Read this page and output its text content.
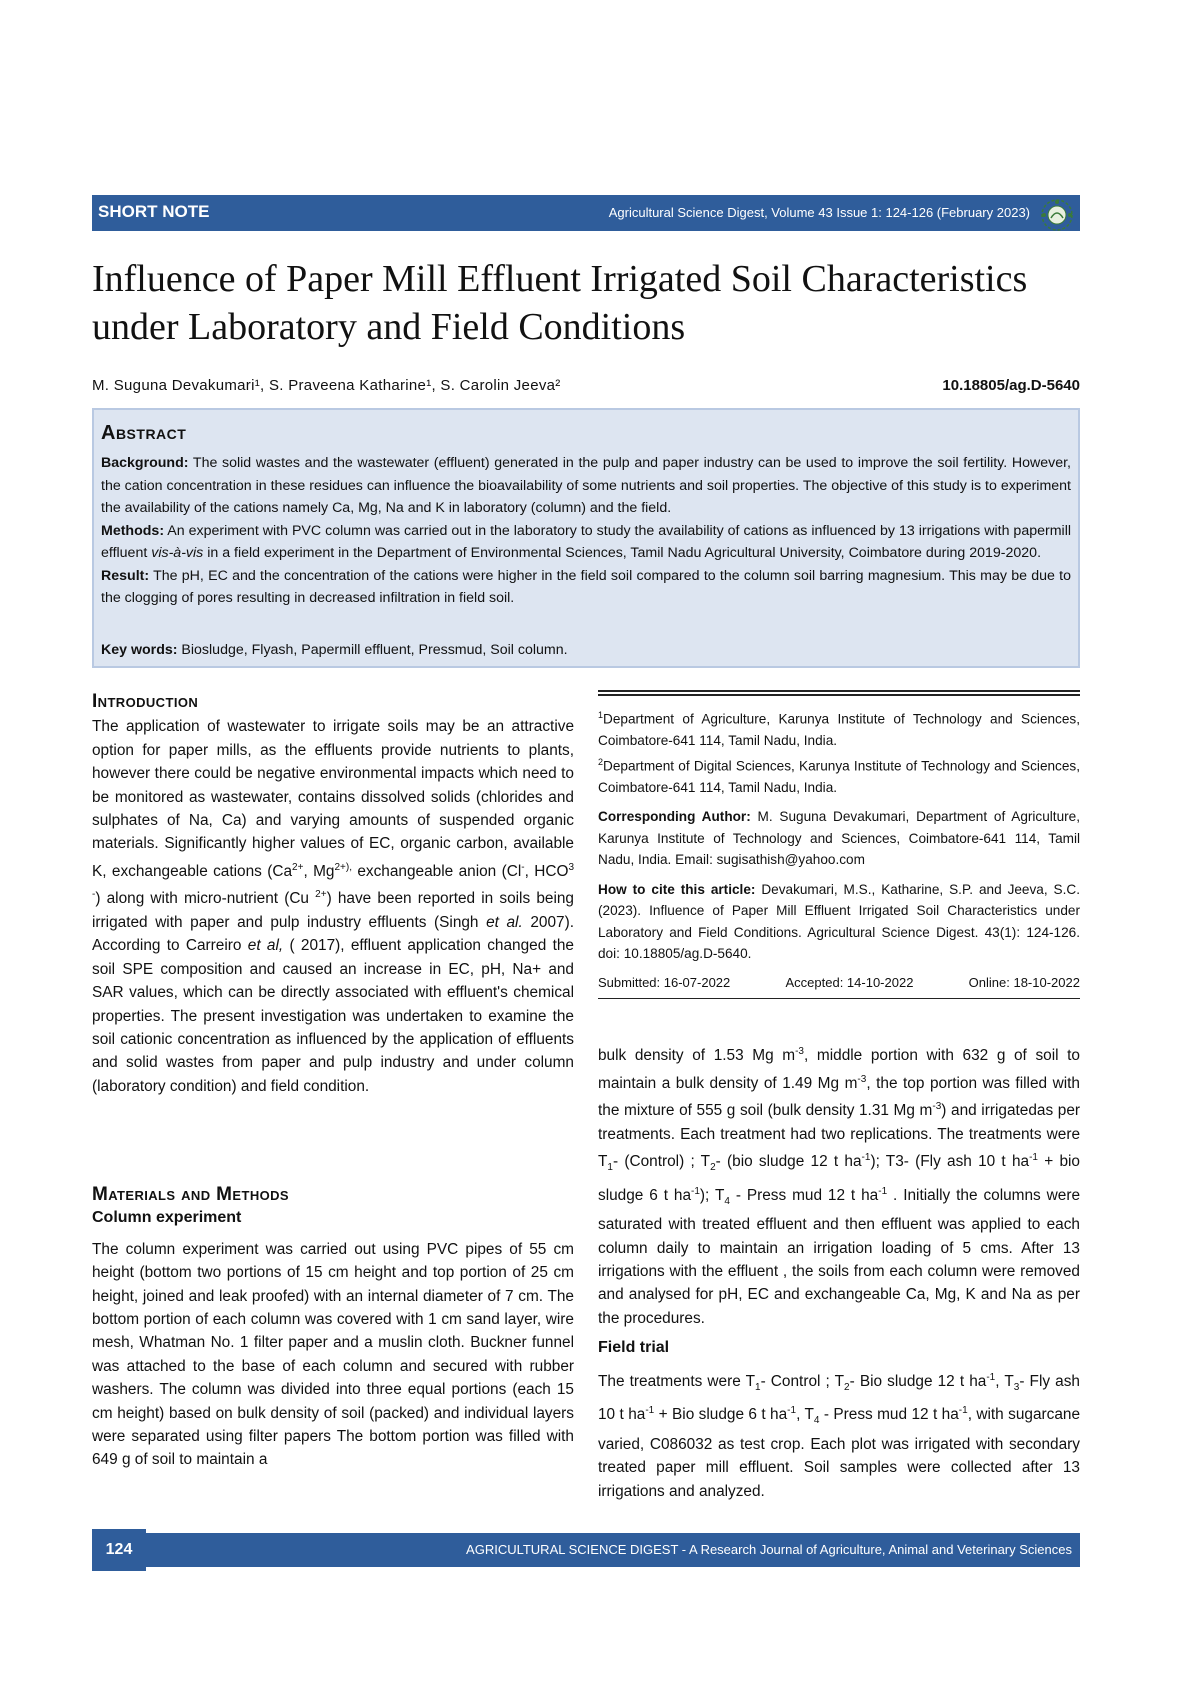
SHORT NOTE	Agricultural Science Digest, Volume 43 Issue 1: 124-126 (February 2023)
Influence of Paper Mill Effluent Irrigated Soil Characteristics
under Laboratory and Field Conditions
M. Suguna Devakumari¹, S. Praveena Katharine¹, S. Carolin Jeeva²	10.18805/ag.D-5640
Abstract

Background: The solid wastes and the wastewater (effluent) generated in the pulp and paper industry can be used to improve the soil fertility. However, the cation concentration in these residues can influence the bioavailability of some nutrients and soil properties. The objective of this study is to experiment the availability of the cations namely Ca, Mg, Na and K in laboratory (column) and the field.

Methods: An experiment with PVC column was carried out in the laboratory to study the availability of cations as influenced by 13 irrigations with papermill effluent vis-à-vis in a field experiment in the Department of Environmental Sciences, Tamil Nadu Agricultural University, Coimbatore during 2019-2020.

Result: The pH, EC and the concentration of the cations were higher in the field soil compared to the column soil barring magnesium. This may be due to the clogging of pores resulting in decreased infiltration in field soil.

Key words: Biosludge, Flyash, Papermill effluent, Pressmud, Soil column.
Introduction
The application of wastewater to irrigate soils may be an attractive option for paper mills, as the effluents provide nutrients to plants, however there could be negative environmental impacts which need to be monitored as wastewater, contains dissolved solids (chlorides and sulphates of Na, Ca) and varying amounts of suspended organic materials. Significantly higher values of EC, organic carbon, available K, exchangeable cations ($Ca^{2+}$, $Mg^{2+),}$ exchangeable anion (Cl-, $HCO^{3 -}$) along with micro-nutrient (Cu $^{2+}$) have been reported in soils being irrigated with paper and pulp industry effluents (Singh et al. 2007). According to Carreiro et al, ( 2017), effluent application changed the soil SPE composition and caused an increase in EC, pH, Na+ and SAR values, which can be directly associated with effluent's chemical properties. The present investigation was undertaken to examine the soil cationic concentration as influenced by the application of effluents and solid wastes from paper and pulp industry and under column (laboratory condition) and field condition.
Materials and Methods
Column experiment
The column experiment was carried out using PVC pipes of 55 cm height (bottom two portions of 15 cm height and top portion of 25 cm height, joined and leak proofed) with an internal diameter of 7 cm. The bottom portion of each column was covered with 1 cm sand layer, wire mesh, Whatman No. 1 filter paper and a muslin cloth. Buckner funnel was attached to the base of each column and secured with rubber washers. The column was divided into three equal portions (each 15 cm height) based on bulk density of soil (packed) and individual layers were separated using filter papers The bottom portion was filled with 649 g of soil to maintain a
$^1$Department of Agriculture, Karunya Institute of Technology and Sciences, Coimbatore-641 114, Tamil Nadu, India.
$^2$Department of Digital Sciences, Karunya Institute of Technology and Sciences, Coimbatore-641 114, Tamil Nadu, India.
Corresponding Author: M. Suguna Devakumari, Department of Agriculture, Karunya Institute of Technology and Sciences, Coimbatore-641 114, Tamil Nadu, India. Email: sugisathish@yahoo.com
How to cite this article: Devakumari, M.S., Katharine, S.P. and Jeeva, S.C. (2023). Influence of Paper Mill Effluent Irrigated Soil Characteristics under Laboratory and Field Conditions. Agricultural Science Digest. 43(1): 124-126. doi: 10.18805/ag.D-5640.
Submitted: 16-07-2022	Accepted: 14-10-2022	Online: 18-10-2022
bulk density of 1.53 Mg $m^{-3}$, middle portion with 632 g of soil to maintain a bulk density of 1.49 Mg $m^{-3}$, the top portion was filled with the mixture of 555 g soil (bulk density 1.31 Mg $m^{-3}$) and irrigatedas per treatments. Each treatment had two replications. The treatments were $T_1-$ (Control) ; $T_2-$ (bio sludge 12 t $ha^{-1}$); T3- (Fly ash 10 t $ha^{-1}$ + bio sludge 6 t $ha^{-1}$); $T_4$ - Press mud 12 t $ha^{-1}$ . Initially the columns were saturated with treated effluent and then effluent was applied to each column daily to maintain an irrigation loading of 5 cms. After 13 irrigations with the effluent , the soils from each column were removed and analysed for pH, EC and exchangeable Ca, Mg, K and Na as per the procedures.
Field trial
The treatments were $T_1-$ Control ; $T_2-$ Bio sludge 12 t $ha^{-1}$, $T_3-$ Fly ash 10 t $ha^{-1}$ + Bio sludge 6 t $ha^{-1}$, $T_4$ - Press mud 12 t $ha^{-1}$, with sugarcane varied, C086032 as test crop. Each plot was irrigated with secondary treated paper mill effluent. Soil samples were collected after 13 irrigations and analyzed.
124	AGRICULTURAL SCIENCE DIGEST - A Research Journal of Agriculture, Animal and Veterinary Sciences
